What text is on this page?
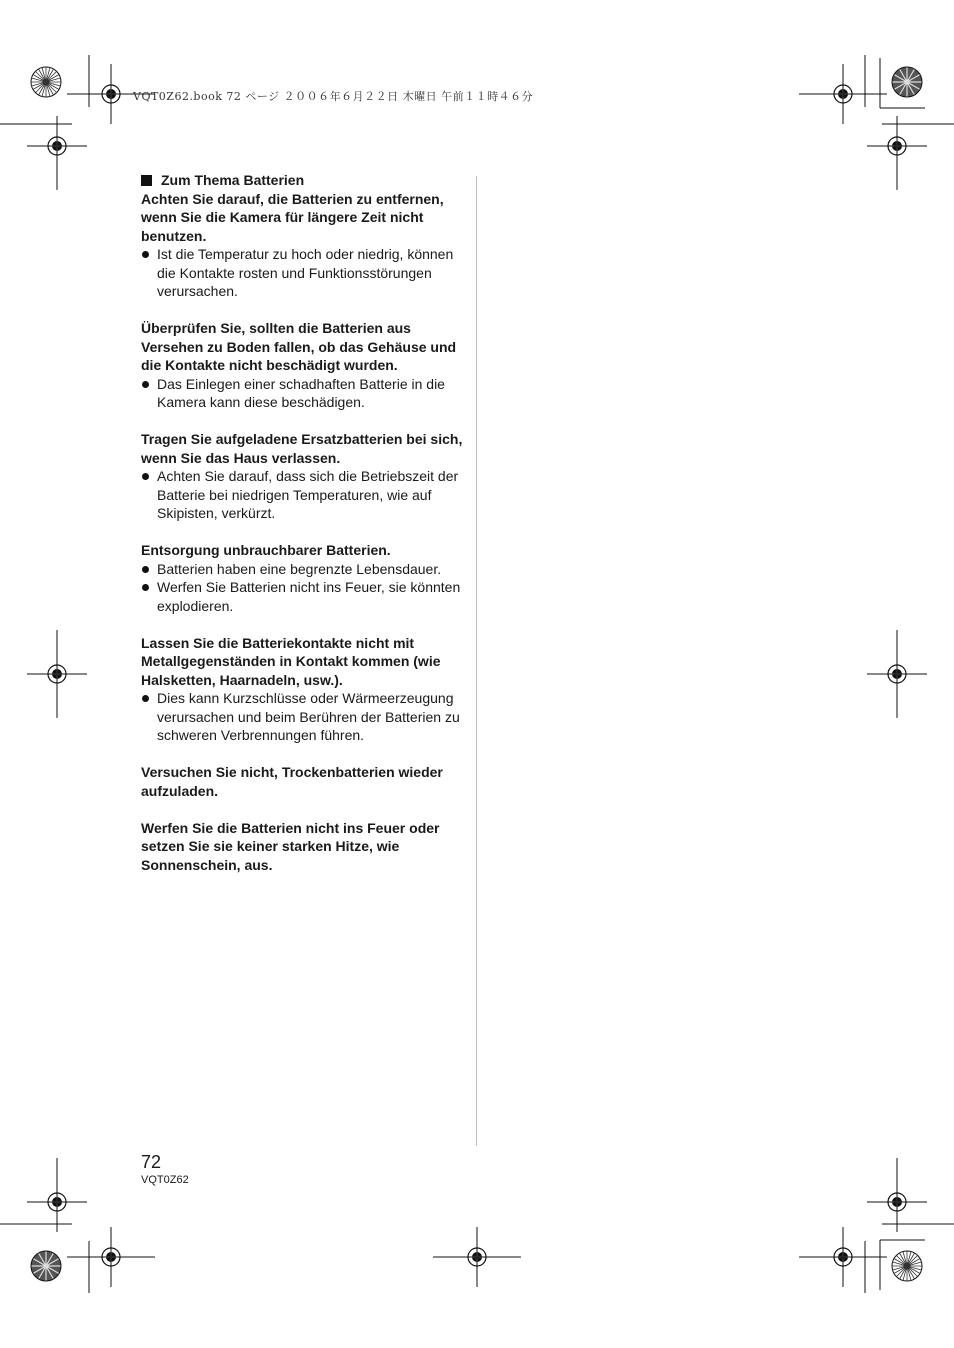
VQT0Z62.book 72 ページ ２００６年６月２２日 木曜日 午前１１時４６分

Zum Thema Batterien

Achten Sie darauf, die Batterien zu entfernen, wenn Sie die Kamera für längere Zeit nicht benutzen.

Ist die Temperatur zu hoch oder niedrig, können die Kontakte rosten und Funktionsstörungen verursachen.

Überprüfen Sie, sollten die Batterien aus Versehen zu Boden fallen, ob das Gehäuse und die Kontakte nicht beschädigt wurden.

Das Einlegen einer schadhaften Batterie in die Kamera kann diese beschädigen.

Tragen Sie aufgeladene Ersatzbatterien bei sich, wenn Sie das Haus verlassen.

Achten Sie darauf, dass sich die Betriebszeit der Batterie bei niedrigen Temperaturen, wie auf Skipisten, verkürzt.

Entsorgung unbrauchbarer Batterien.

Batterien haben eine begrenzte Lebensdauer.
Werfen Sie Batterien nicht ins Feuer, sie könnten explodieren.

Lassen Sie die Batteriekontakte nicht mit Metallgegenständen in Kontakt kommen (wie Halsketten, Haarnadeln, usw.).

Dies kann Kurzschlüsse oder Wärmeerzeugung verursachen und beim Berühren der Batterien zu schweren Verbrennungen führen.

Versuchen Sie nicht, Trockenbatterien wieder aufzuladen.

Werfen Sie die Batterien nicht ins Feuer oder setzen Sie sie keiner starken Hitze, wie Sonnenschein, aus.

72
VQT0Z62
